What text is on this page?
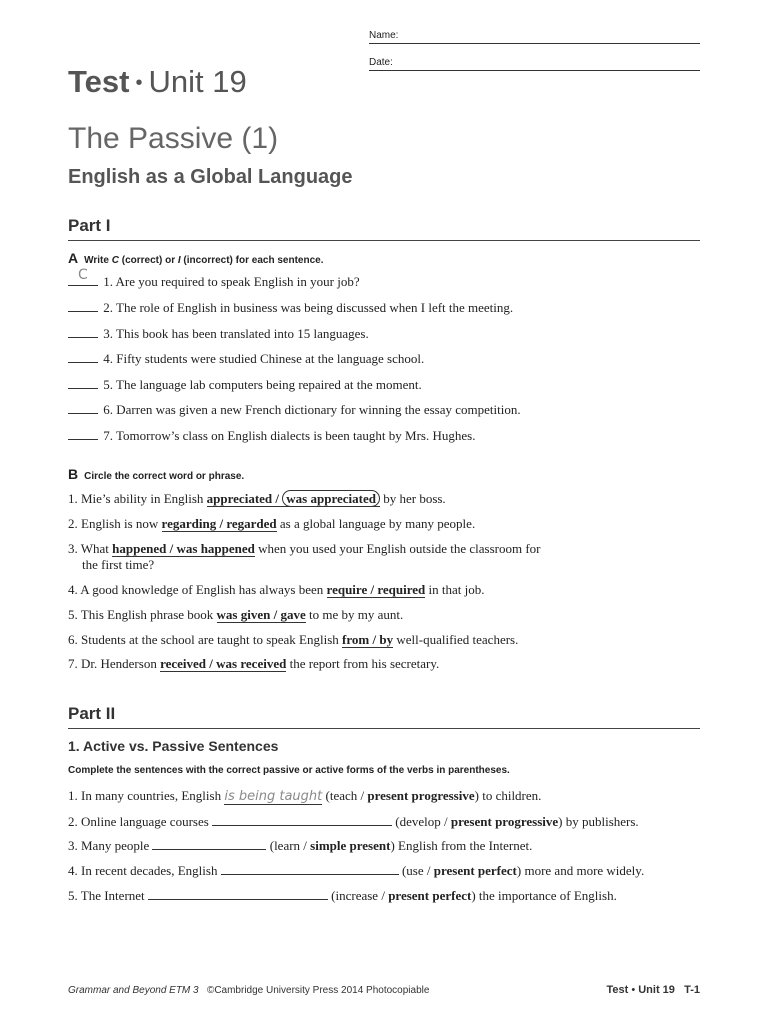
Name:
Date:
Test • Unit 19
The Passive (1)
English as a Global Language
Part I
A Write C (correct) or I (incorrect) for each sentence.
C 1. Are you required to speak English in your job?
2. The role of English in business was being discussed when I left the meeting.
3. This book has been translated into 15 languages.
4. Fifty students were studied Chinese at the language school.
5. The language lab computers being repaired at the moment.
6. Darren was given a new French dictionary for winning the essay competition.
7. Tomorrow’s class on English dialects is been taught by Mrs. Hughes.
B Circle the correct word or phrase.
1. Mie’s ability in English appreciated / was appreciated by her boss.
2. English is now regarding / regarded as a global language by many people.
3. What happened / was happened when you used your English outside the classroom for
the first time?
4. A good knowledge of English has always been require / required in that job.
5. This English phrase book was given / gave to me by my aunt.
6. Students at the school are taught to speak English from / by well-qualified teachers.
7. Dr. Henderson received / was received the report from his secretary.
Part II
1. Active vs. Passive Sentences
Complete the sentences with the correct passive or active forms of the verbs in parentheses.
1. In many countries, English is being taught (teach / present progressive) to children.
2. Online language courses	(develop / present progressive) by publishers.
3. Many people	(learn / simple present) English from the Internet.
4. In recent decades, English	(use / present perfect) more and more widely.
5. The Internet	(increase / present perfect) the importance of English.
Grammar and Beyond ETM 3 ©Cambridge University Press 2014 Photocopiable	Test • Unit 19 T-1
